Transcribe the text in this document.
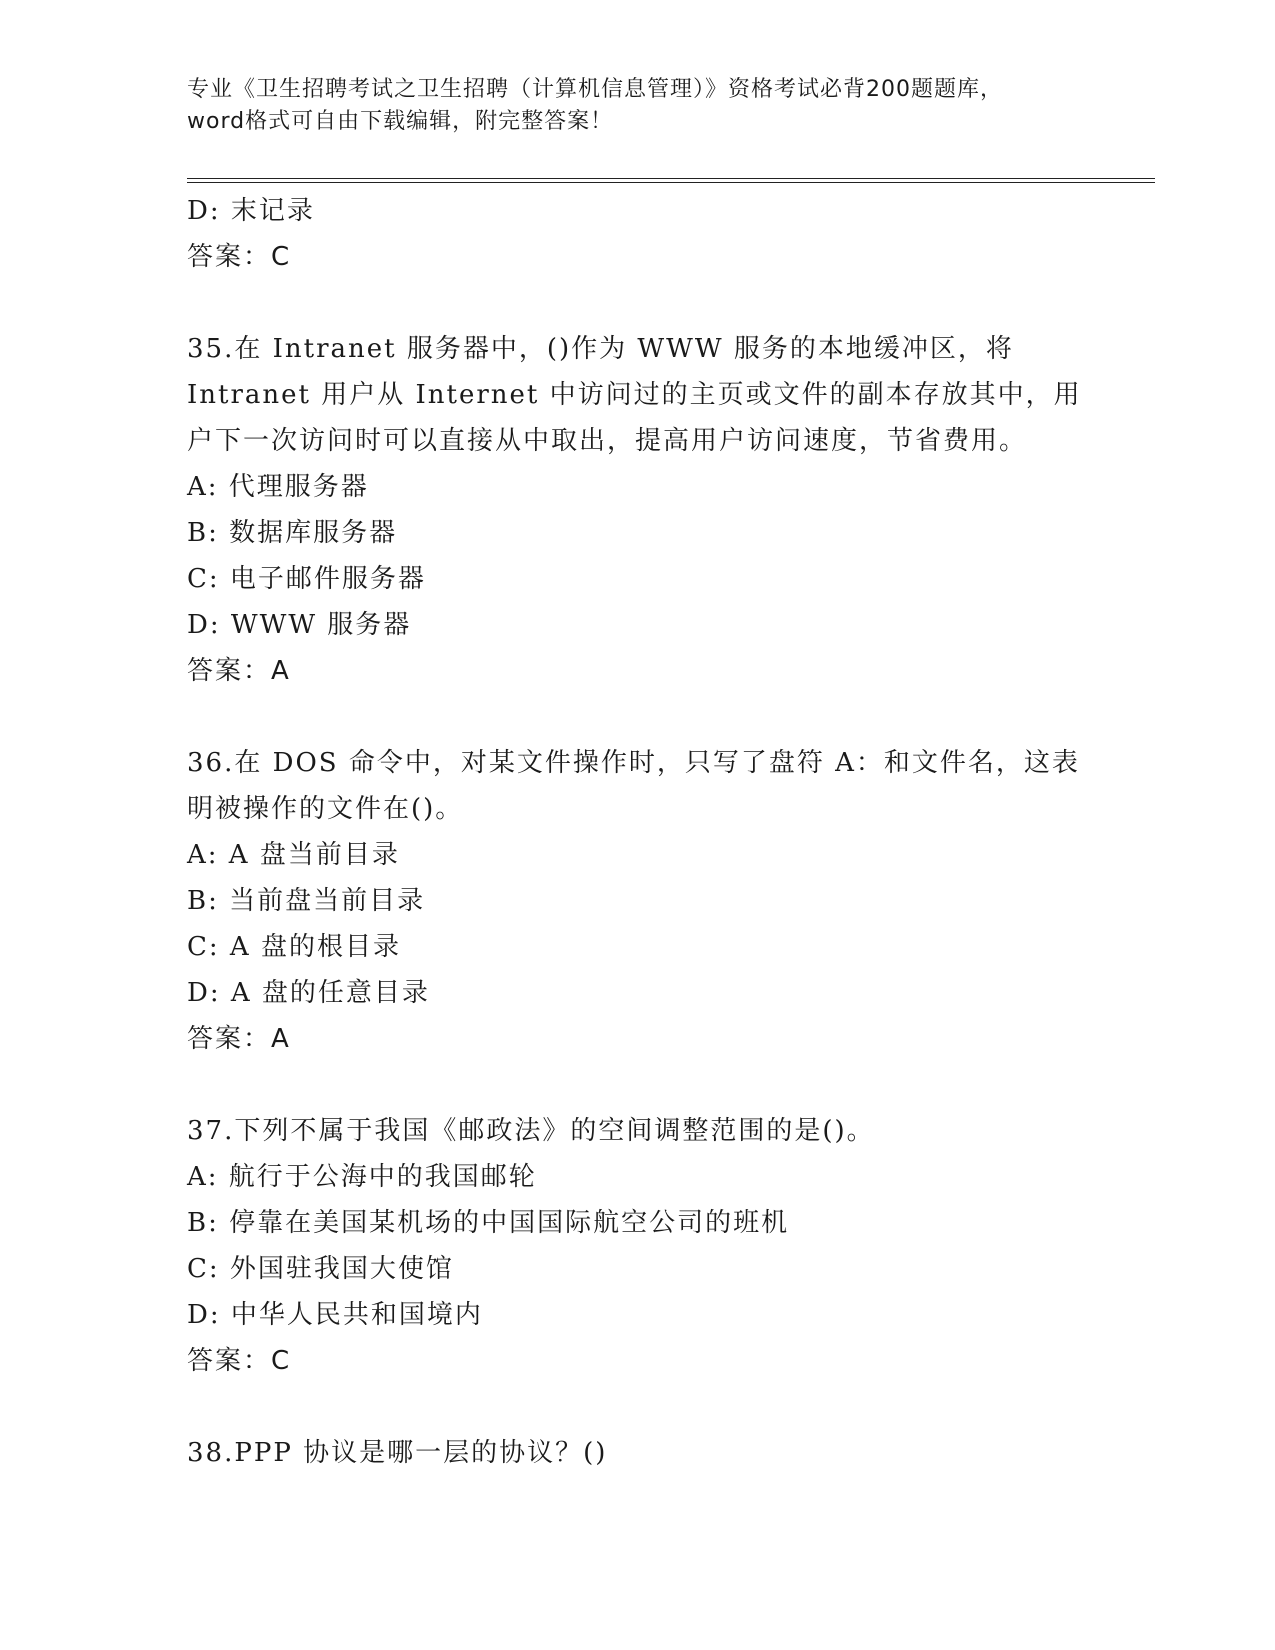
专业《卫生招聘考试之卫生招聘（计算机信息管理）》资格考试必背200题题库，
word格式可自由下载编辑，附完整答案！
D: 末记录
答案：C
35.在 Intranet 服务器中，()作为 WWW 服务的本地缓冲区，将
Intranet 用户从 Internet 中访问过的主页或文件的副本存放其中，用
户下一次访问时可以直接从中取出，提高用户访问速度，节省费用。
A: 代理服务器
B: 数据库服务器
C: 电子邮件服务器
D: WWW 服务器
答案：A
36.在 DOS 命令中，对某文件操作时，只写了盘符 A：和文件名，这表
明被操作的文件在()。
A: A 盘当前目录
B: 当前盘当前目录
C: A 盘的根目录
D: A 盘的任意目录
答案：A
37.下列不属于我国《邮政法》的空间调整范围的是()。
A: 航行于公海中的我国邮轮
B: 停靠在美国某机场的中国国际航空公司的班机
C: 外国驻我国大使馆
D: 中华人民共和国境内
答案：C
38.PPP 协议是哪一层的协议？()
